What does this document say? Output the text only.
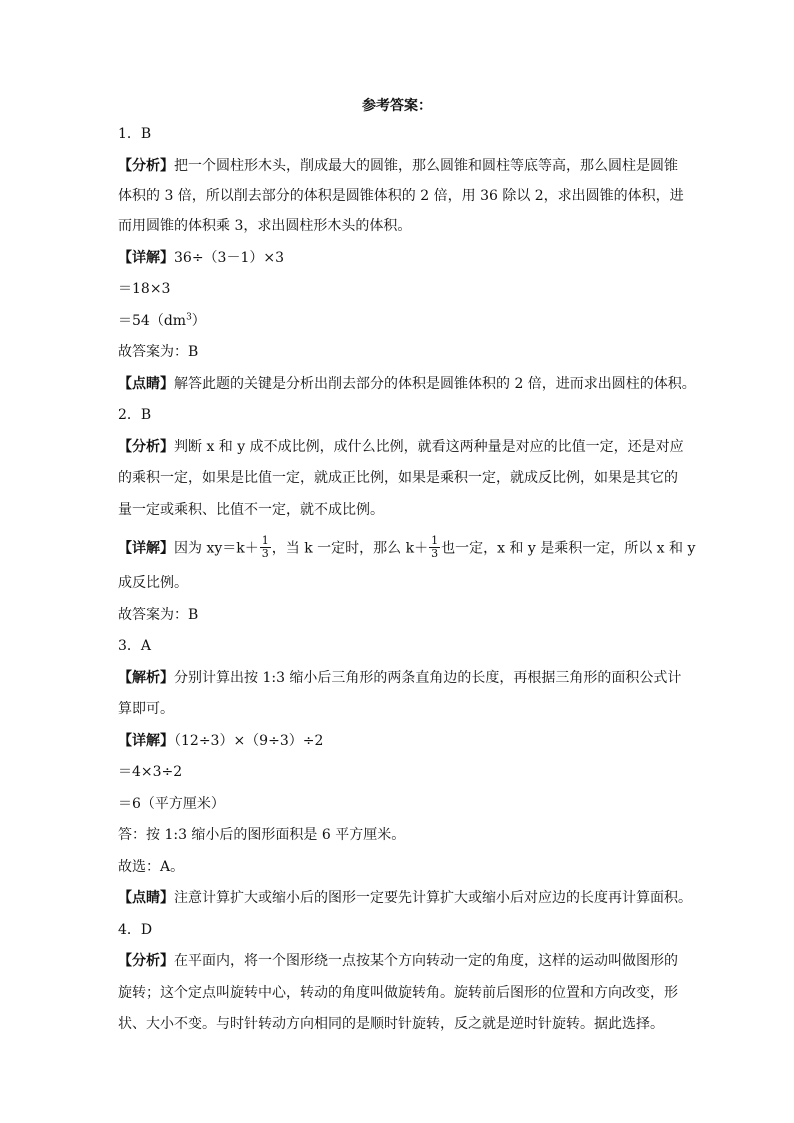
参考答案：
1．B
【分析】把一个圆柱形木头，削成最大的圆锥，那么圆锥和圆柱等底等高，那么圆柱是圆锥
体积的 3 倍，所以削去部分的体积是圆锥体积的 2 倍，用 36 除以 2，求出圆锥的体积，进
而用圆锥的体积乘 3，求出圆柱形木头的体积。
【详解】36÷（3－1）×3
＝18×3
$=54(dm^3)$
故答案为：B
【点睛】解答此题的关键是分析出削去部分的体积是圆锥体积的 2 倍，进而求出圆柱的体积。
2．B
【分析】判断 x 和 y 成不成比例，成什么比例，就看这两种量是对应的比值一定，还是对应
的乘积一定，如果是比值一定，就成正比例，如果是乘积一定，就成反比例，如果是其它的
量一定或乘积、比值不一定，就不成比例。
【详解】因为 $xy=k+ \frac{1}{3}$ ，当 k 一定时，那么 $k+ \frac{1}{3}$ 也一定，x 和 y 是乘积一定，所以 x 和 y
成反比例。
故答案为：B
3．A
【解析】分别计算出按 1:3 缩小后三角形的两条直角边的长度，再根据三角形的面积公式计
算即可。
【详解】（12÷3）×（9÷3）÷2
＝4×3÷2
＝6（平方厘米）
答：按 1:3 缩小后的图形面积是 6 平方厘米。
故选：A。
【点睛】注意计算扩大或缩小后的图形一定要先计算扩大或缩小后对应边的长度再计算面积。
4．D
【分析】在平面内，将一个图形绕一点按某个方向转动一定的角度，这样的运动叫做图形的
旋转；这个定点叫旋转中心，转动的角度叫做旋转角。旋转前后图形的位置和方向改变，形
状、大小不变。与时针转动方向相同的是顺时针旋转，反之就是逆时针旋转。据此选择。
